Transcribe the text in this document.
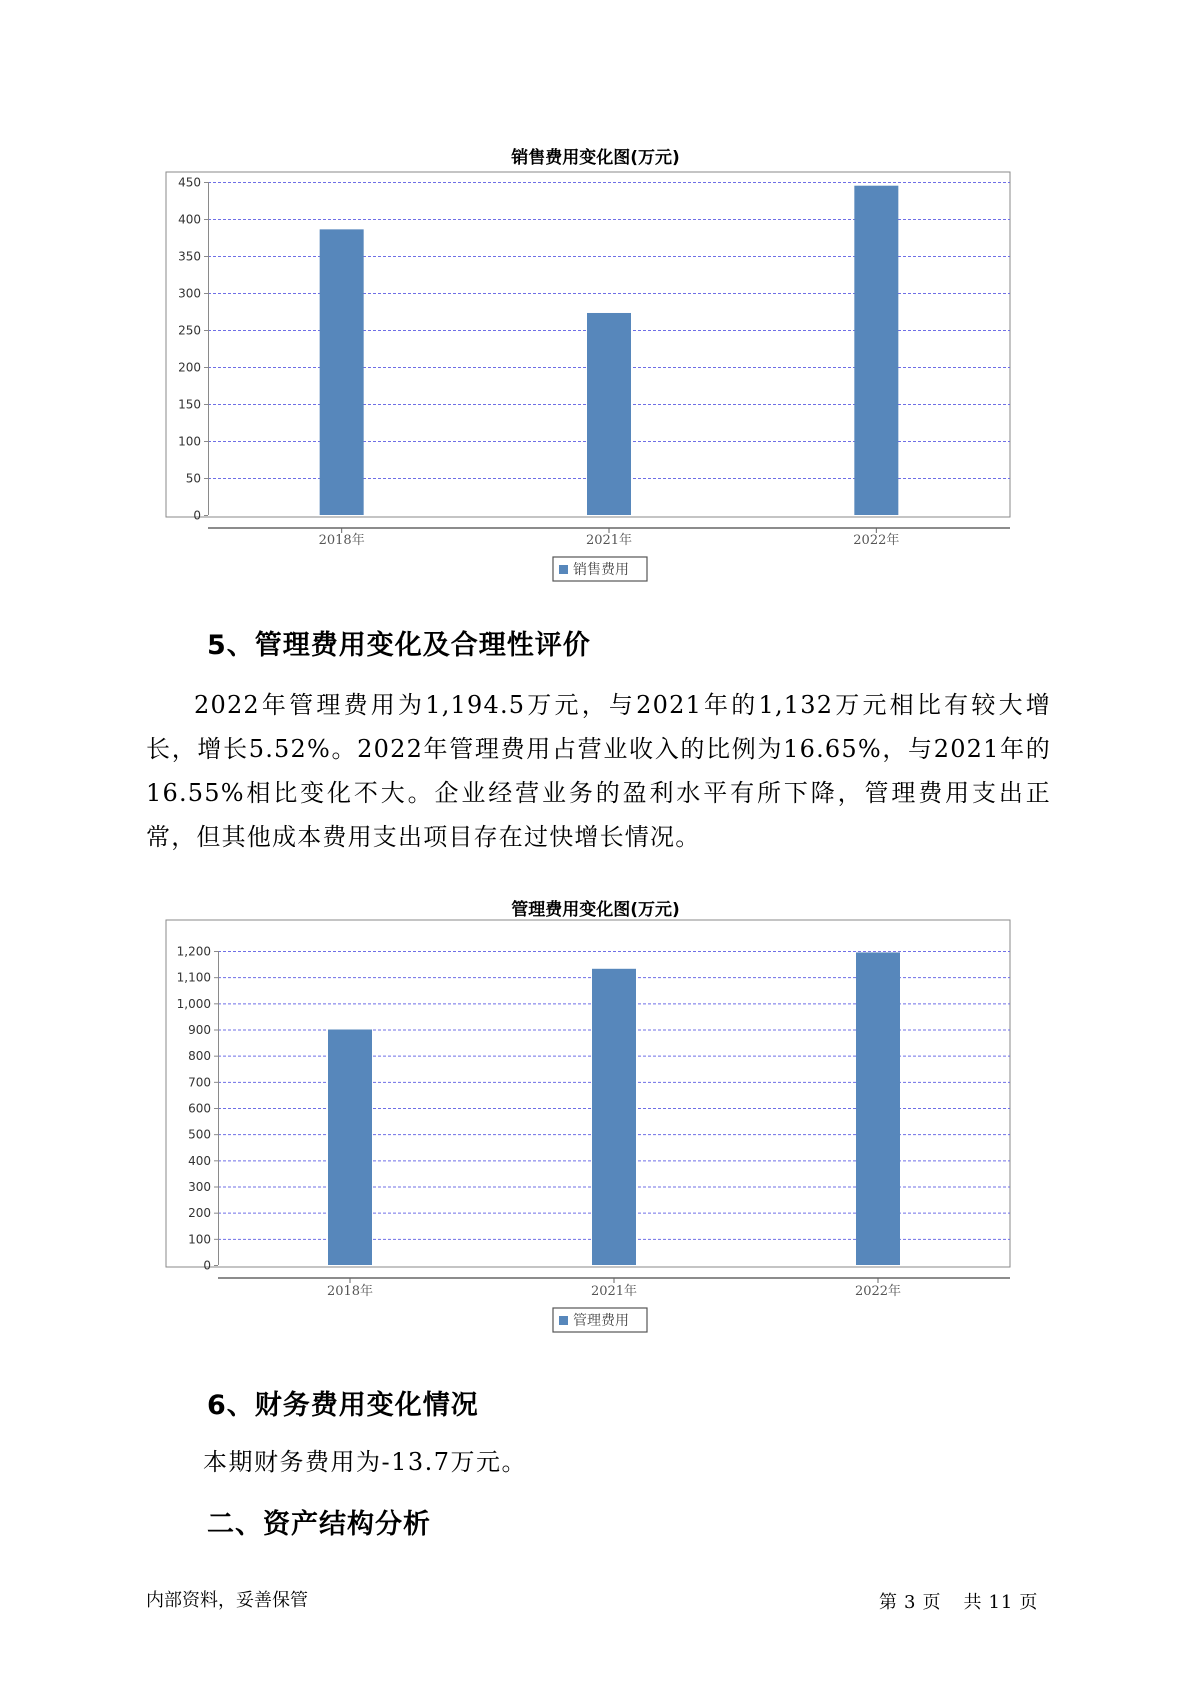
销售费用变化图(万元)
0
50
100
150
200
250
300
350
400
450
2018年	2021年	2022年
销售费用
5、管理费用变化及合理性评价

2022年管理费用为1,194.5万元，与2021年的1,132万元相比有较大增长，增长5.52%。2022年管理费用占营业收入的比例为16.65%，与2021年的16.55%相比变化不大。企业经营业务的盈利水平有所下降，管理费用支出正常，但其他成本费用支出项目存在过快增长情况。

管理费用变化图(万元)
0
100
200
300
400
500
600
700
800
900
1,000
1,100
1,200
2018年	2021年	2022年
管理费用
6、财务费用变化情况
本期财务费用为-13.7万元。
二、资产结构分析
内部资料，妥善保管	第 3 页 共 11 页
